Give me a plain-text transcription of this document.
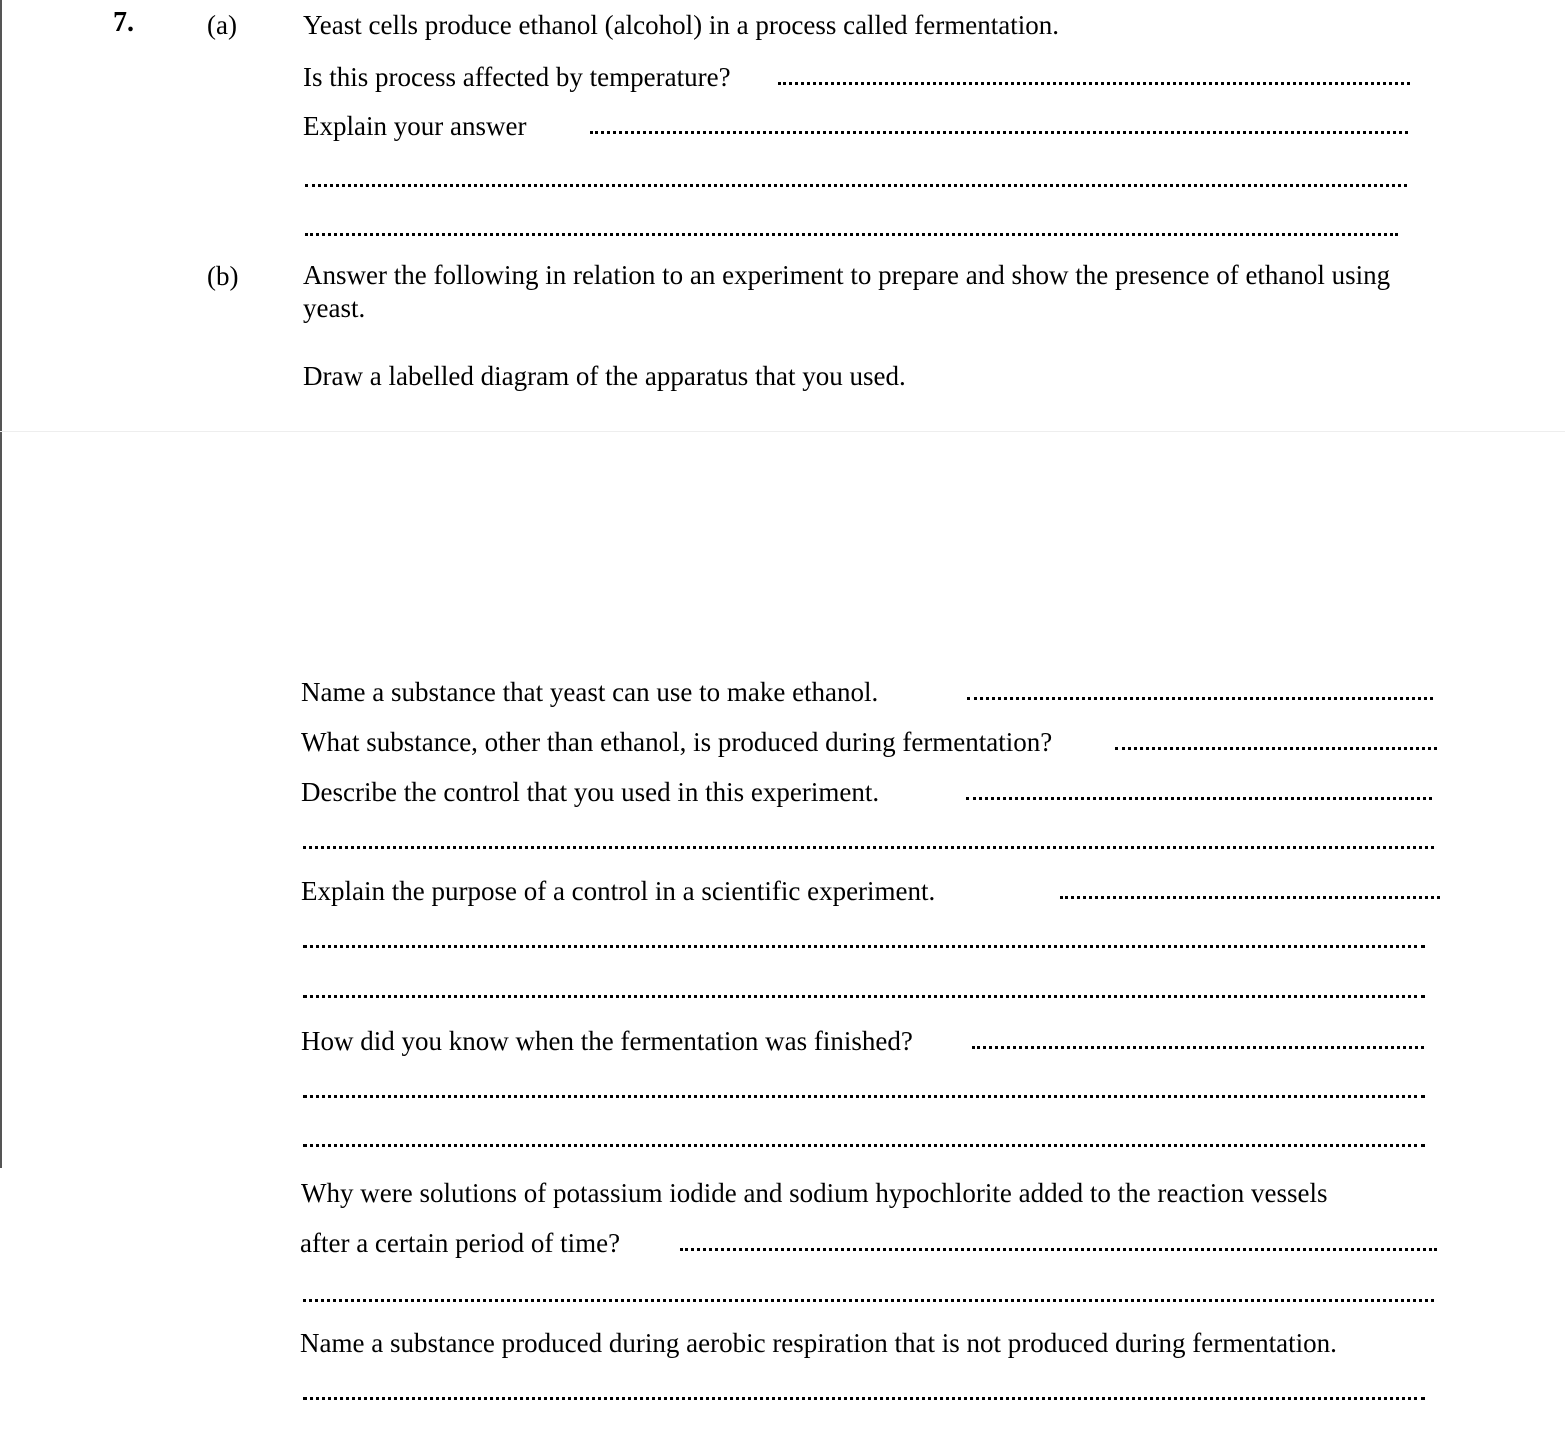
7.	(a) Yeast cells produce ethanol (alcohol) in a process called fermentation.
Is this process affected by temperature?
Explain your answer
(b) Answer the following in relation to an experiment to prepare and show the presence of ethanol using yeast.
Draw a labelled diagram of the apparatus that you used.
Name a substance that yeast can use to make ethanol.
What substance, other than ethanol, is produced during fermentation?
Describe the control that you used in this experiment.
Explain the purpose of a control in a scientific experiment.
How did you know when the fermentation was finished?
Why were solutions of potassium iodide and sodium hypochlorite added to the reaction vessels
after a certain period of time?
Name a substance produced during aerobic respiration that is not produced during fermentation.
